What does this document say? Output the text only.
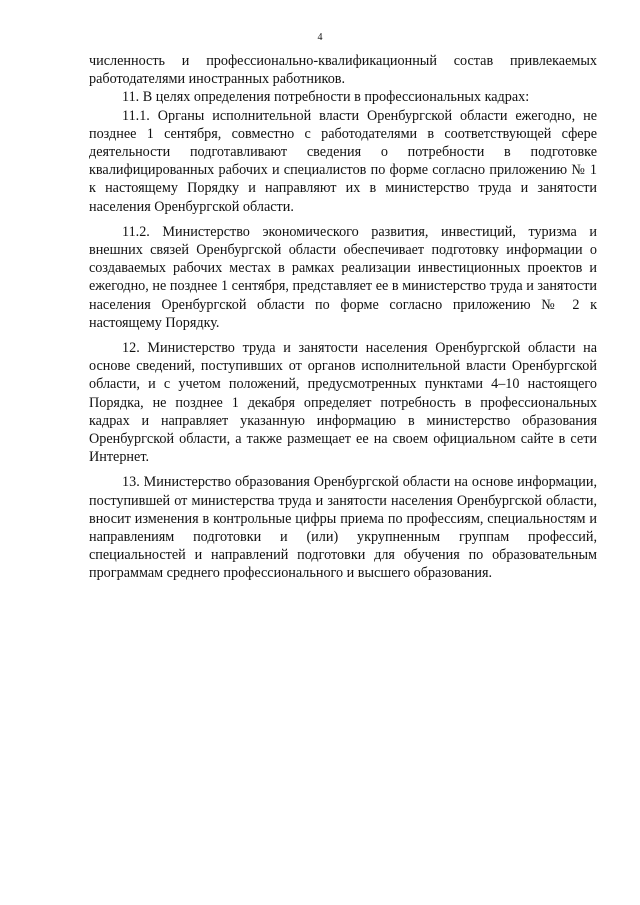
4

численность и профессионально-квалификационный состав привлекаемых работодателями иностранных работников.

11. В целях определения потребности в профессиональных кадрах:

11.1. Органы исполнительной власти Оренбургской области ежегодно, не позднее 1 сентября, совместно с работодателями в соответствующей сфере деятельности подготавливают сведения о потребности в подготовке квалифицированных рабочих и специалистов по форме согласно приложению № 1 к настоящему Порядку и направляют их в министерство труда и занятости населения Оренбургской области.

11.2. Министерство экономического развития, инвестиций, туризма и внешних связей Оренбургской области обеспечивает подготовку информации о создаваемых рабочих местах в рамках реализации инвестиционных проектов и ежегодно, не позднее 1 сентября, представляет ее в министерство труда и занятости населения Оренбургской области по форме согласно приложению № 2 к настоящему Порядку.

12. Министерство труда и занятости населения Оренбургской области на основе сведений, поступивших от органов исполнительной власти Оренбургской области, и с учетом положений, предусмотренных пунктами 4–10 настоящего Порядка, не позднее 1 декабря определяет потребность в профессиональных кадрах и направляет указанную информацию в министерство образования Оренбургской области, а также размещает ее на своем официальном сайте в сети Интернет.

13. Министерство образования Оренбургской области на основе информации, поступившей от министерства труда и занятости населения Оренбургской области, вносит изменения в контрольные цифры приема по профессиям, специальностям и направлениям подготовки и (или) укрупненным группам профессий, специальностей и направлений подготовки для обучения по образовательным программам среднего профессионального и высшего образования.
